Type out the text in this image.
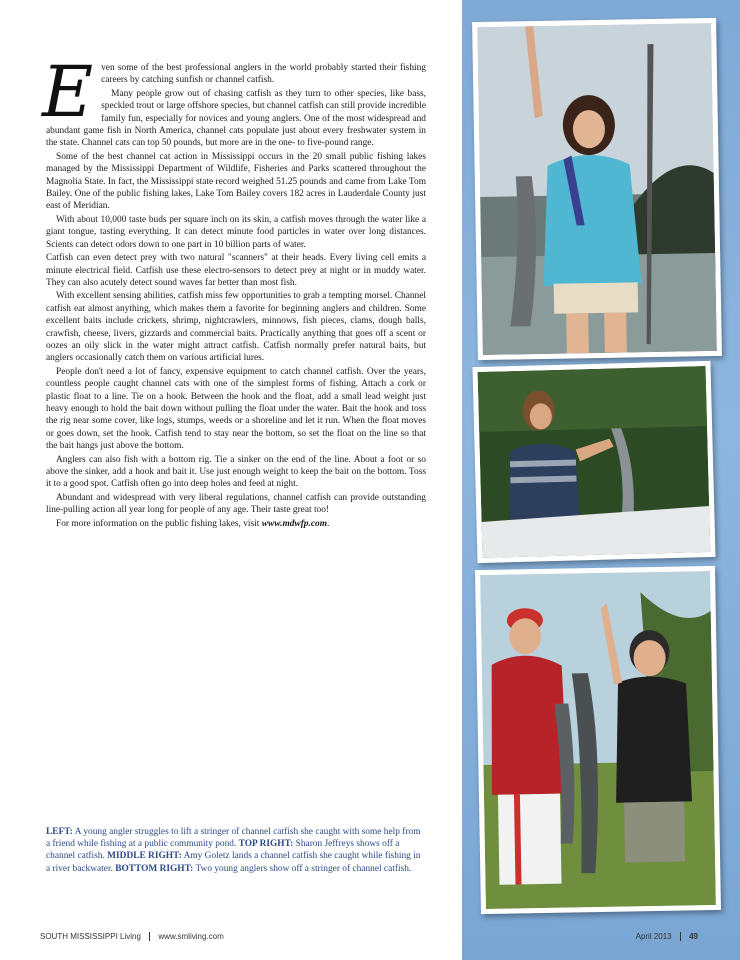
E ven some of the best professional anglers in the world probably started their fishing careers by catching sunfish or channel catfish.

Many people grow out of chasing catfish as they turn to other species, like bass, speckled trout or large offshore species, but channel catfish can still provide incredible family fun, especially for novices and young anglers. One of the most widespread and abundant game fish in North America, channel cats populate just about every freshwater system in the state. Channel cats can top 50 pounds, but more are in the one- to five-pound range.

Some of the best channel cat action in Mississippi occurs in the 20 small public fishing lakes managed by the Mississippi Department of Wildlife, Fisheries and Parks scattered throughout the Magnolia State. In fact, the Mississippi state record weighed 51.25 pounds and came from Lake Tom Bailey. One of the public fishing lakes, Lake Tom Bailey covers 182 acres in Lauderdale County just east of Meridian.

With about 10,000 taste buds per square inch on its skin, a catfish moves through the water like a giant tongue, tasting everything. It can detect minute food particles in water over long distances. Scients can detect odors down to one part in 10 billion parts of water.

Catfish can even detect prey with two natural "scanners" at their heads. Every living cell emits a minute electrical field. Catfish use these electro-sensors to detect prey at night or in muddy water. They can also acutely detect sound waves far better than most fish.

With excellent sensing abilities, catfish miss few opportunities to grab a tempting morsel. Channel catfish eat almost anything, which makes them a favorite for beginning anglers and children. Some excellent baits include crickets, shrimp, nightcrawlers, minnows, fish pieces, clams, dough balls, crawfish, cheese, livers, gizzards and commercial baits. Practically anything that goes off a scent or oozes an oily slick in the water might attract catfish. Catfish normally prefer natural baits, but anglers occasionally catch them on various artificial lures.

People don't need a lot of fancy, expensive equipment to catch channel catfish. Over the years, countless people caught channel cats with one of the simplest forms of fishing. Attach a cork or plastic float to a line. Tie on a hook. Between the hook and the float, add a small lead weight just heavy enough to hold the bait down without pulling the float under the water. Bait the hook and toss the rig near some cover, like logs, stumps, weeds or a shoreline and let it run. When the float moves or goes down, set the hook. Catfish tend to stay near the bottom, so set the float on the line so that the bait hangs just above the bottom.

Anglers can also fish with a bottom rig. Tie a sinker on the end of the line. About a foot or so above the sinker, add a hook and bait it. Use just enough weight to keep the bait on the bottom. Toss it to a good spot. Catfish often go into deep holes and feed at night.

Abundant and widespread with very liberal regulations, channel catfish can provide outstanding line-pulling action all year long for people of any age. Their taste great too!

For more information on the public fishing lakes, visit www.mdwfp.com.

LEFT: A young angler struggles to lift a stringer of channel catfish she caught with some help from a friend while fishing at a public community pond. TOP RIGHT: Sharon Jeffreys shows off a channel catfish. MIDDLE RIGHT: Amy Goletz lands a channel catfish she caught while fishing in a river backwater. BOTTOM RIGHT: Two young anglers show off a stringer of channel catfish.
SOUTH MISSISSIPPI Living www.smliving.com	April 2013 49
